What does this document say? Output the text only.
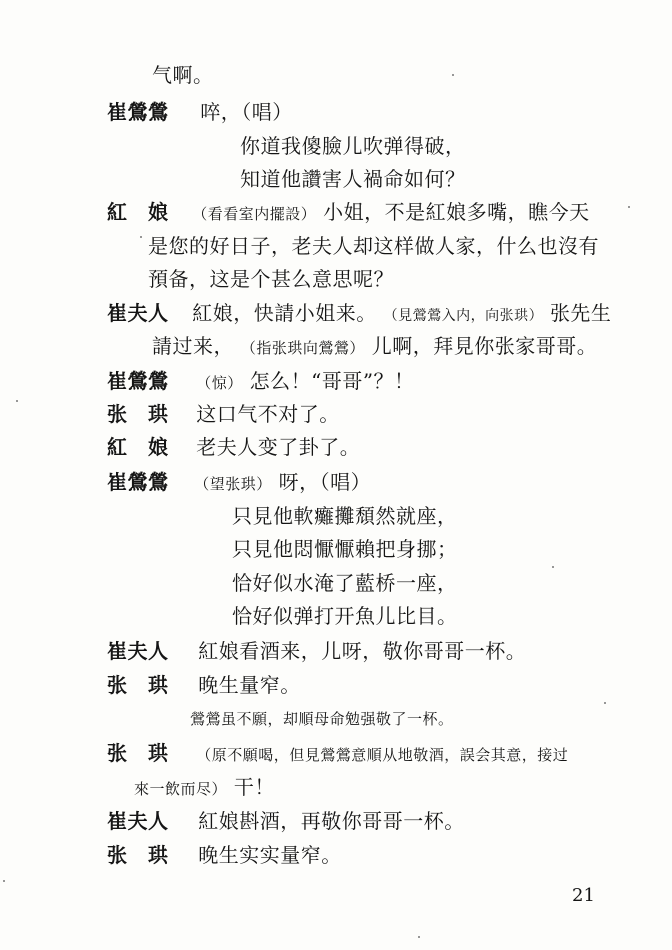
气啊。
崔鶯鶯 啐，（唱）
你道我傻臉儿吹弹得破，
知道他讚害人禍命如何？
紅　娘 （看看室内擺設） 小姐，不是紅娘多嘴，瞧今天
是您的好日子，老夫人却这样做人家，什么也沒有
預备，这是个甚么意思呢？
崔夫人 紅娘，快請小姐来。 （見鶯鶯入内，向张珙） 张先生
請过来， （指张珙向鶯鶯） 儿啊，拜見你张家哥哥。
崔鶯鶯 （惊） 怎么！“哥哥”？！
张　珙 这口气不对了。
紅　娘 老夫人变了卦了。
崔鶯鶯 （望张珙） 呀，（唱）
只見他軟癱攤頹然就座，
只見他悶懨懨賴把身挪；
恰好似水淹了藍桥一座，
恰好似弹打开魚儿比目。
崔夫人 紅娘看酒来，儿呀，敬你哥哥一杯。
张　珙 晚生量窄。
鶯鶯虽不願，却順母命勉强敬了一杯。
张　珙 （原不願喝，但見鶯鶯意順从地敬酒，誤会其意，接过
來一飲而尽） 干！
崔夫人 紅娘斟酒，再敬你哥哥一杯。
张　珙 晚生实实量窄。
21
